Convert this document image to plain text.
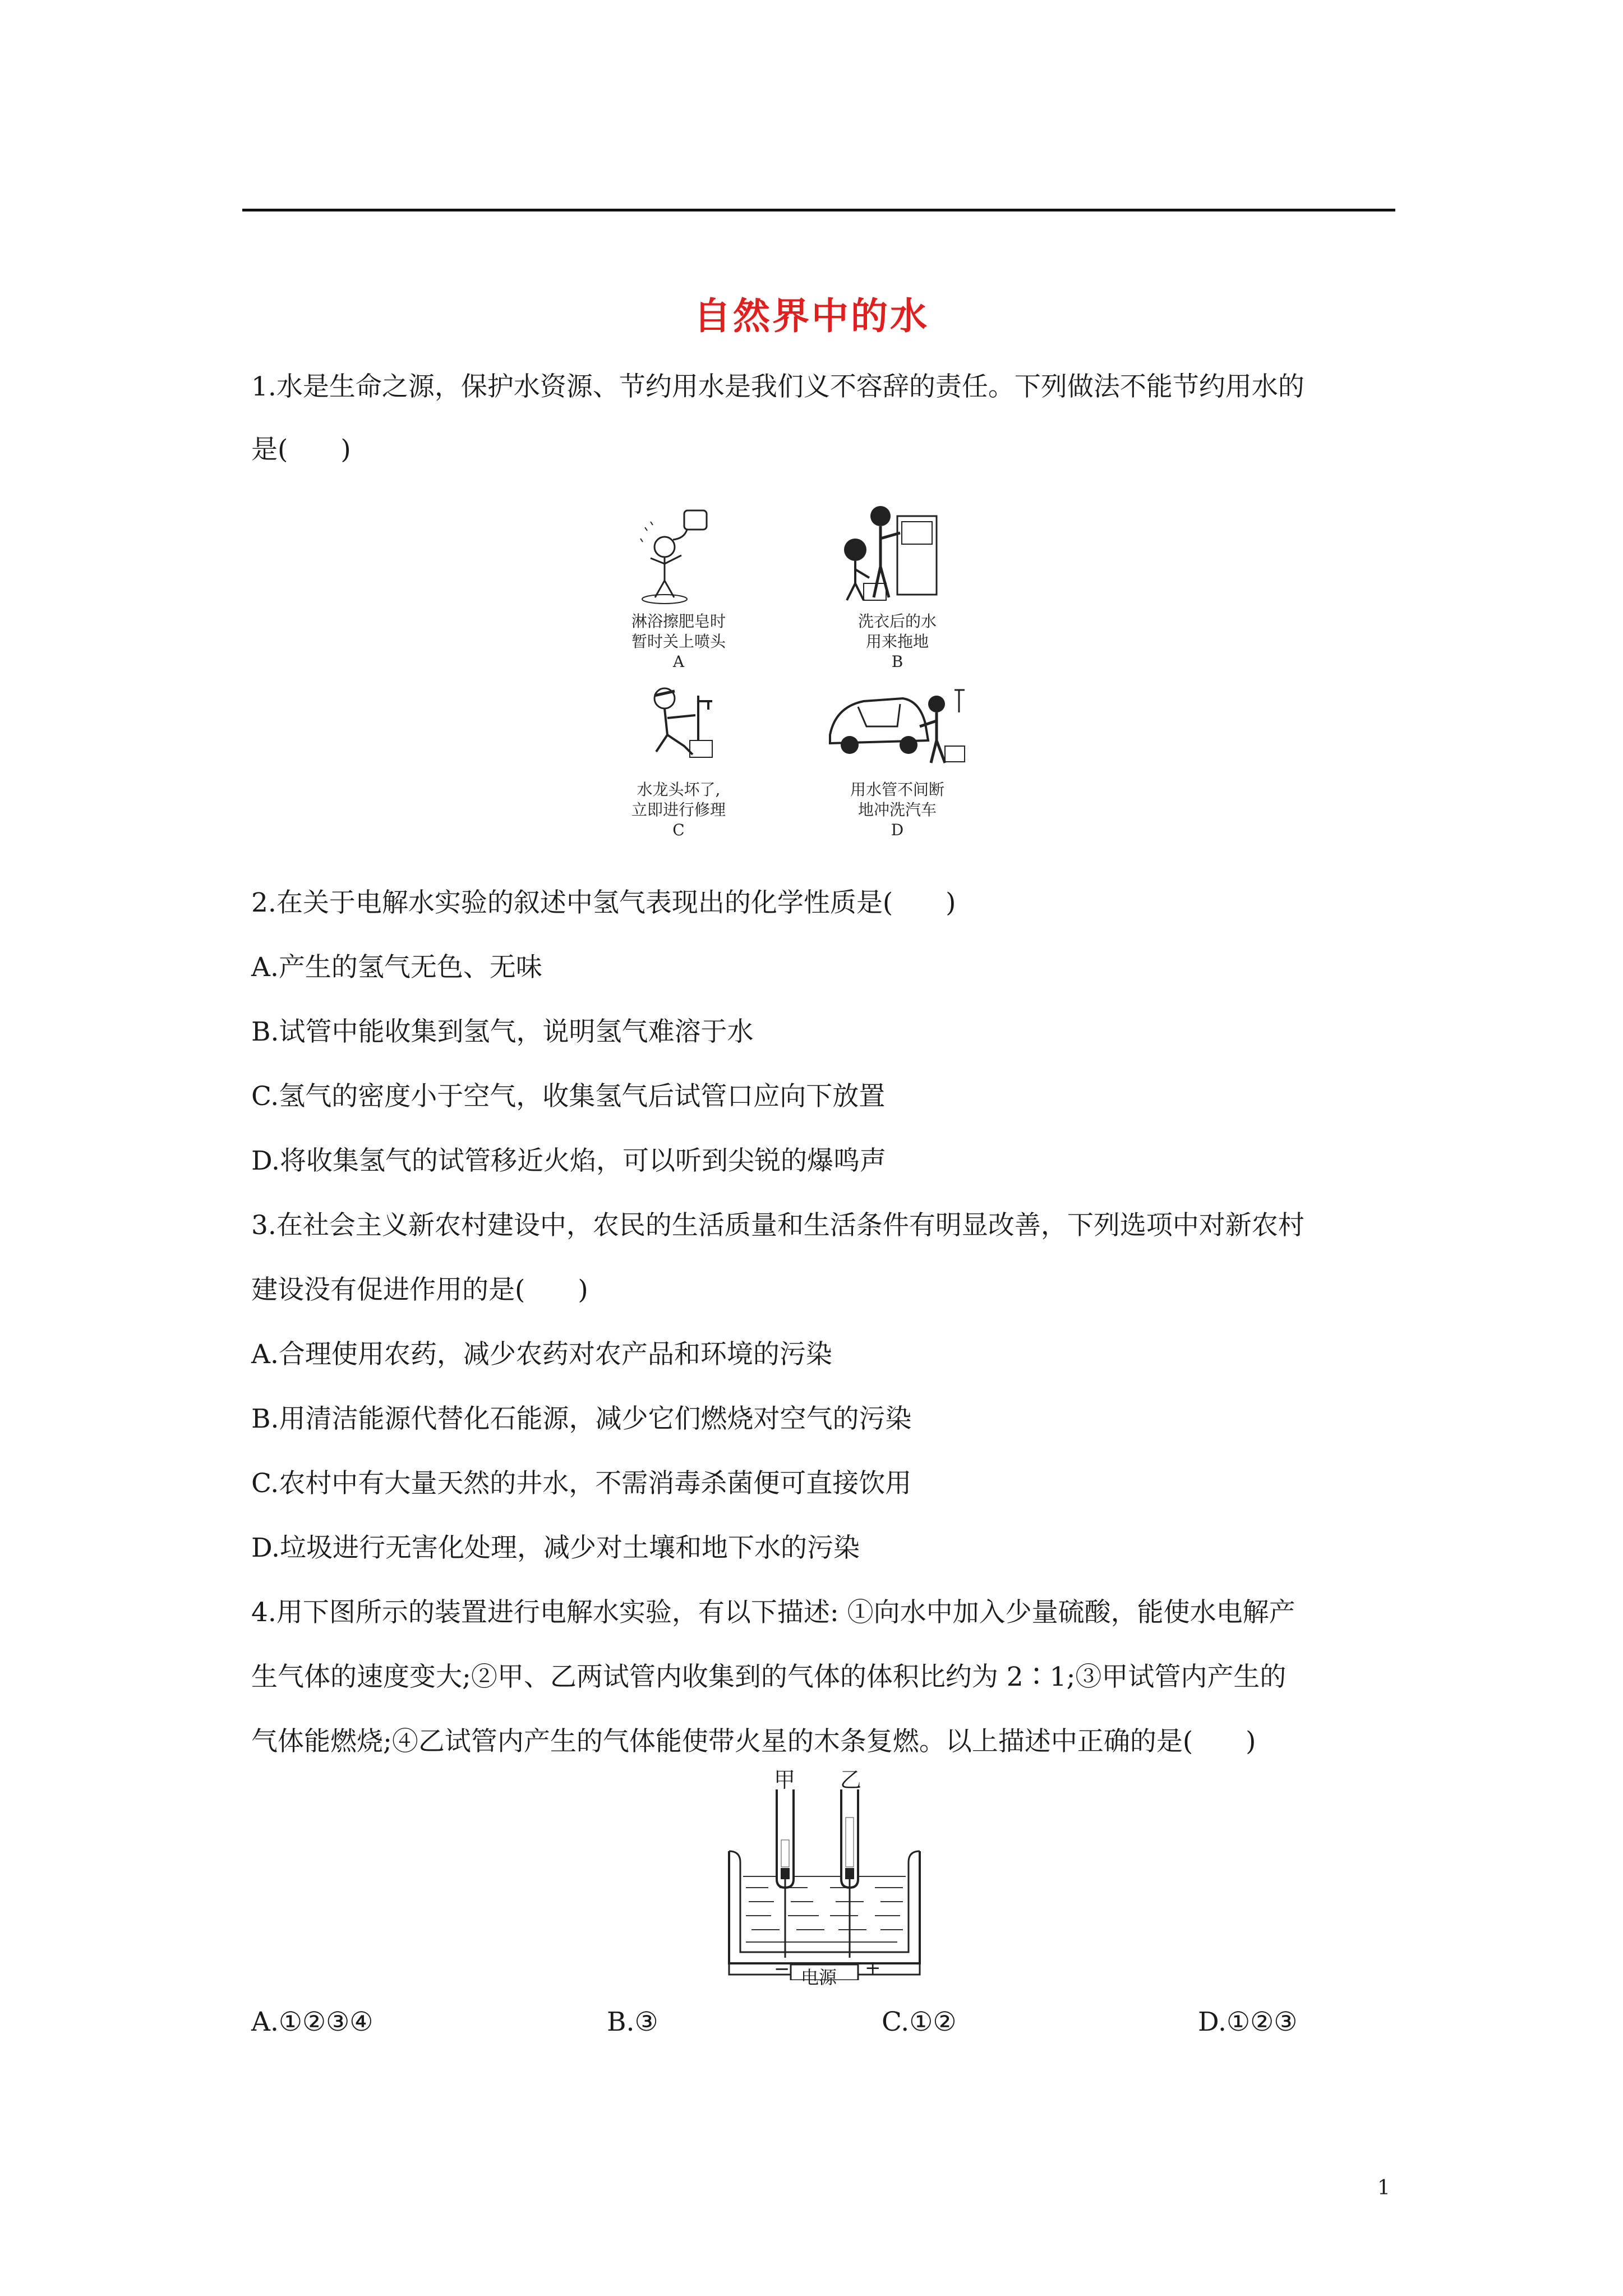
自然界中的水
1.水是生命之源，保护水资源、节约用水是我们义不容辞的责任。下列做法不能节约用水的
是(　　)
淋浴擦肥皂时
暂时关上喷头
A
洗衣后的水
用来拖地
B
水龙头坏了,
立即进行修理
C
用水管不间断
地冲洗汽车
D
2.在关于电解水实验的叙述中氢气表现出的化学性质是(　　)
A.产生的氢气无色、无味
B.试管中能收集到氢气，说明氢气难溶于水
C.氢气的密度小于空气，收集氢气后试管口应向下放置
D.将收集氢气的试管移近火焰，可以听到尖锐的爆鸣声
3.在社会主义新农村建设中，农民的生活质量和生活条件有明显改善，下列选项中对新农村
建设没有促进作用的是(　　)
A.合理使用农药，减少农药对农产品和环境的污染
B.用清洁能源代替化石能源，减少它们燃烧对空气的污染
C.农村中有大量天然的井水，不需消毒杀菌便可直接饮用
D.垃圾进行无害化处理，减少对土壤和地下水的污染
4.用下图所示的装置进行电解水实验，有以下描述: ①向水中加入少量硫酸，能使水电解产
生气体的速度变大;②甲、乙两试管内收集到的气体的体积比约为 2∶1;③甲试管内产生的
气体能燃烧;④乙试管内产生的气体能使带火星的木条复燃。以上描述中正确的是(　　)
甲 乙
−	+
电源
A.①②③④	B.③	C.①②	D.①②③
1
